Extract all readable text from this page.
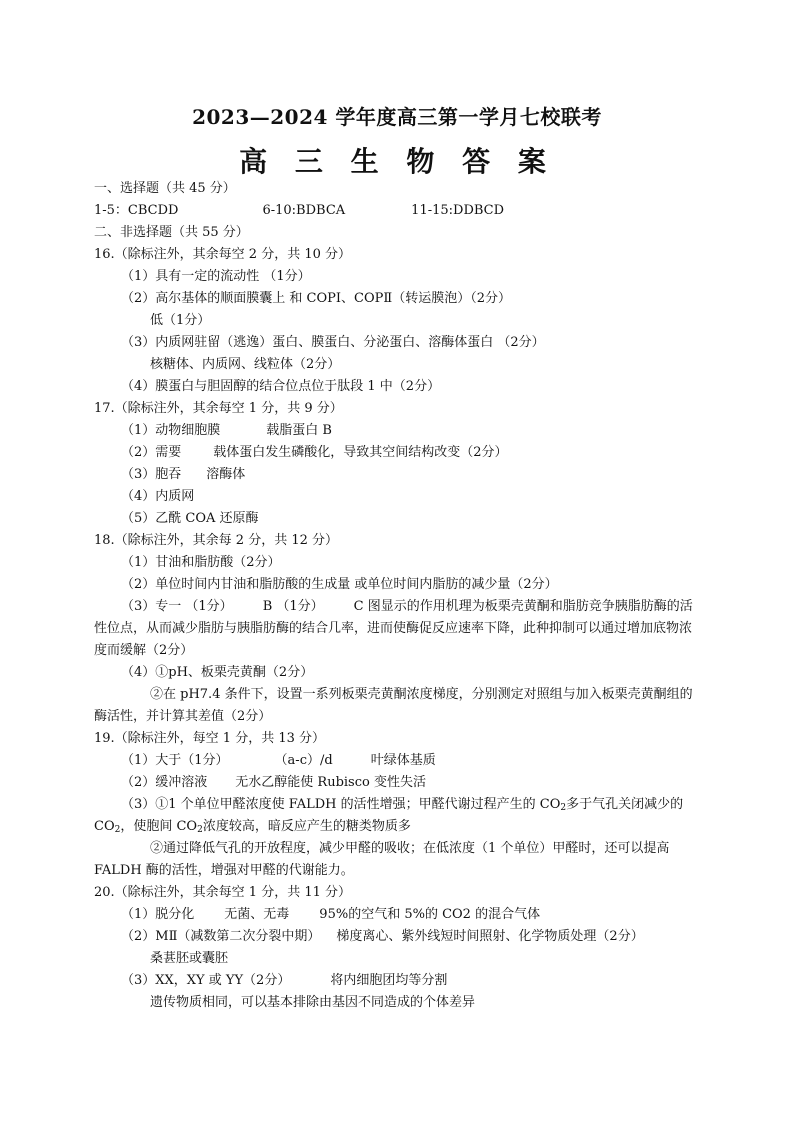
2023—2024 学年度高三第一学月七校联考
高 三 生 物 答 案
一、选择题（共 45 分）
1-5：CBCDD	6-10:BDBCA	11-15:DDBCD
二、非选择题（共 55 分）
16.（除标注外，其余每空 2 分，共 10 分）
（1）具有一定的流动性 （1分）
（2）高尔基体的顺面膜囊上 和 COPⅠ、COPⅡ（转运膜泡）（2分）
低（1分）
（3）内质网驻留（逃逸）蛋白、膜蛋白、分泌蛋白、溶酶体蛋白 （2分）
核糖体、内质网、线粒体（2分）
（4）膜蛋白与胆固醇的结合位点位于肽段 1 中（2分）
17.（除标注外，其余每空 1 分，共 9 分）
（1）动物细胞膜	载脂蛋白 B
（2）需要 载体蛋白发生磷酸化，导致其空间结构改变（2分）
（3）胞吞 溶酶体
（4）内质网
（5）乙酰 COA 还原酶
18.（除标注外，其余每 2 分，共 12 分）
（1）甘油和脂肪酸（2分）
（2）单位时间内甘油和脂肪酸的生成量 或单位时间内脂肪的减少量（2分）
（3）专一 （1分） B （1分） C 图显示的作用机理为板栗壳黄酮和脂肪竞争胰脂肪酶的活性位点，从而减少脂肪与胰脂肪酶的结合几率，进而使酶促反应速率下降，此种抑制可以通过增加底物浓度而缓解（2分）
（4）①pH、板栗壳黄酮（2分）
②在 pH7.4 条件下，设置一系列板栗壳黄酮浓度梯度，分别测定对照组与加入板栗壳黄酮组的酶活性，并计算其差值（2分）
19.（除标注外，每空 1 分，共 13 分）
（1）大于（1分）	（a-c）/d	叶绿体基质
（2）缓冲溶液 无水乙醇能使 Rubisco 变性失活
（3）①1 个单位甲醛浓度使 FALDH 的活性增强；甲醛代谢过程产生的 $CO_2$多于气孔关闭减少的 $CO_2$，使胞间 $CO_2$浓度较高，暗反应产生的糖类物质多
②通过降低气孔的开放程度，减少甲醛的吸收；在低浓度（1 个单位）甲醛时，还可以提高 FALDH 酶的活性，增强对甲醛的代谢能力。
20.（除标注外，其余每空 1 分，共 11 分）
（1）脱分化 无菌、无毒 95%的空气和 5%的 CO2 的混合气体
（2）MⅡ（减数第二次分裂中期） 梯度离心、紫外线短时间照射、化学物质处理（2分）
桑葚胚或囊胚
（3）XX，XY 或 YY（2分）	将内细胞团均等分割
遗传物质相同，可以基本排除由基因不同造成的个体差异
